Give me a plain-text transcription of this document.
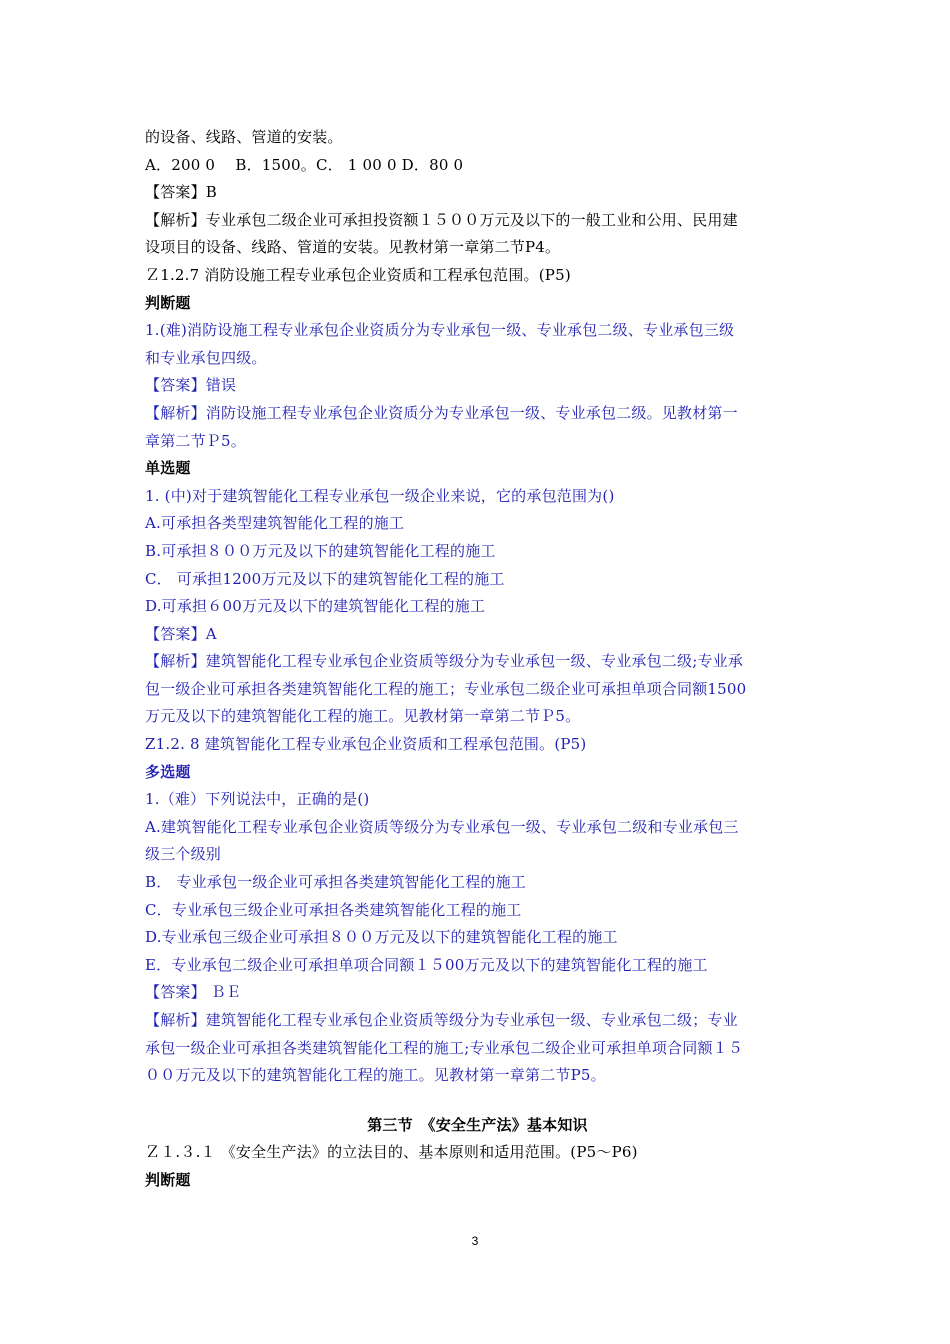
的设备、线路、管道的安装。
A．200 0　 B．1500。C． 1 00 0 D．80 0
【答案】B
【解析】专业承包二级企业可承担投资额１５００万元及以下的一般工业和公用、民用建
设项目的设备、线路、管道的安装。见教材第一章第二节P4。
Ｚ1.2.7 消防设施工程专业承包企业资质和工程承包范围。(P5)
判断题
1.(难)消防设施工程专业承包企业资质分为专业承包一级、专业承包二级、专业承包三级
和专业承包四级。
【答案】错误
【解析】消防设施工程专业承包企业资质分为专业承包一级、专业承包二级。见教材第一
章第二节Ｐ5。
单选题
1. (中)对于建筑智能化工程专业承包一级企业来说，它的承包范围为()
A.可承担各类型建筑智能化工程的施工
B.可承担８００万元及以下的建筑智能化工程的施工
C． 可承担1200万元及以下的建筑智能化工程的施工
D.可承担６00万元及以下的建筑智能化工程的施工
【答案】A
【解析】建筑智能化工程专业承包企业资质等级分为专业承包一级、专业承包二级;专业承
包一级企业可承担各类建筑智能化工程的施工；专业承包二级企业可承担单项合同额1500
万元及以下的建筑智能化工程的施工。见教材第一章第二节Ｐ5。
Z1.2. 8 建筑智能化工程专业承包企业资质和工程承包范围。(P5)
多选题
1.（难）下列说法中，正确的是()
A.建筑智能化工程专业承包企业资质等级分为专业承包一级、专业承包二级和专业承包三
级三个级别
B． 专业承包一级企业可承担各类建筑智能化工程的施工
C．专业承包三级企业可承担各类建筑智能化工程的施工
D.专业承包三级企业可承担８００万元及以下的建筑智能化工程的施工
E．专业承包二级企业可承担单项合同额１５00万元及以下的建筑智能化工程的施工
【答案】 ＢＥ
【解析】建筑智能化工程专业承包企业资质等级分为专业承包一级、专业承包二级；专业
承包一级企业可承担各类建筑智能化工程的施工;专业承包二级企业可承担单项合同额１５
００万元及以下的建筑智能化工程的施工。见教材第一章第二节P5。
第三节　《安全生产法》基本知识
Ｚ１.３.１ 《安全生产法》的立法目的、基本原则和适用范围。(P5～P6)
判断题
3
